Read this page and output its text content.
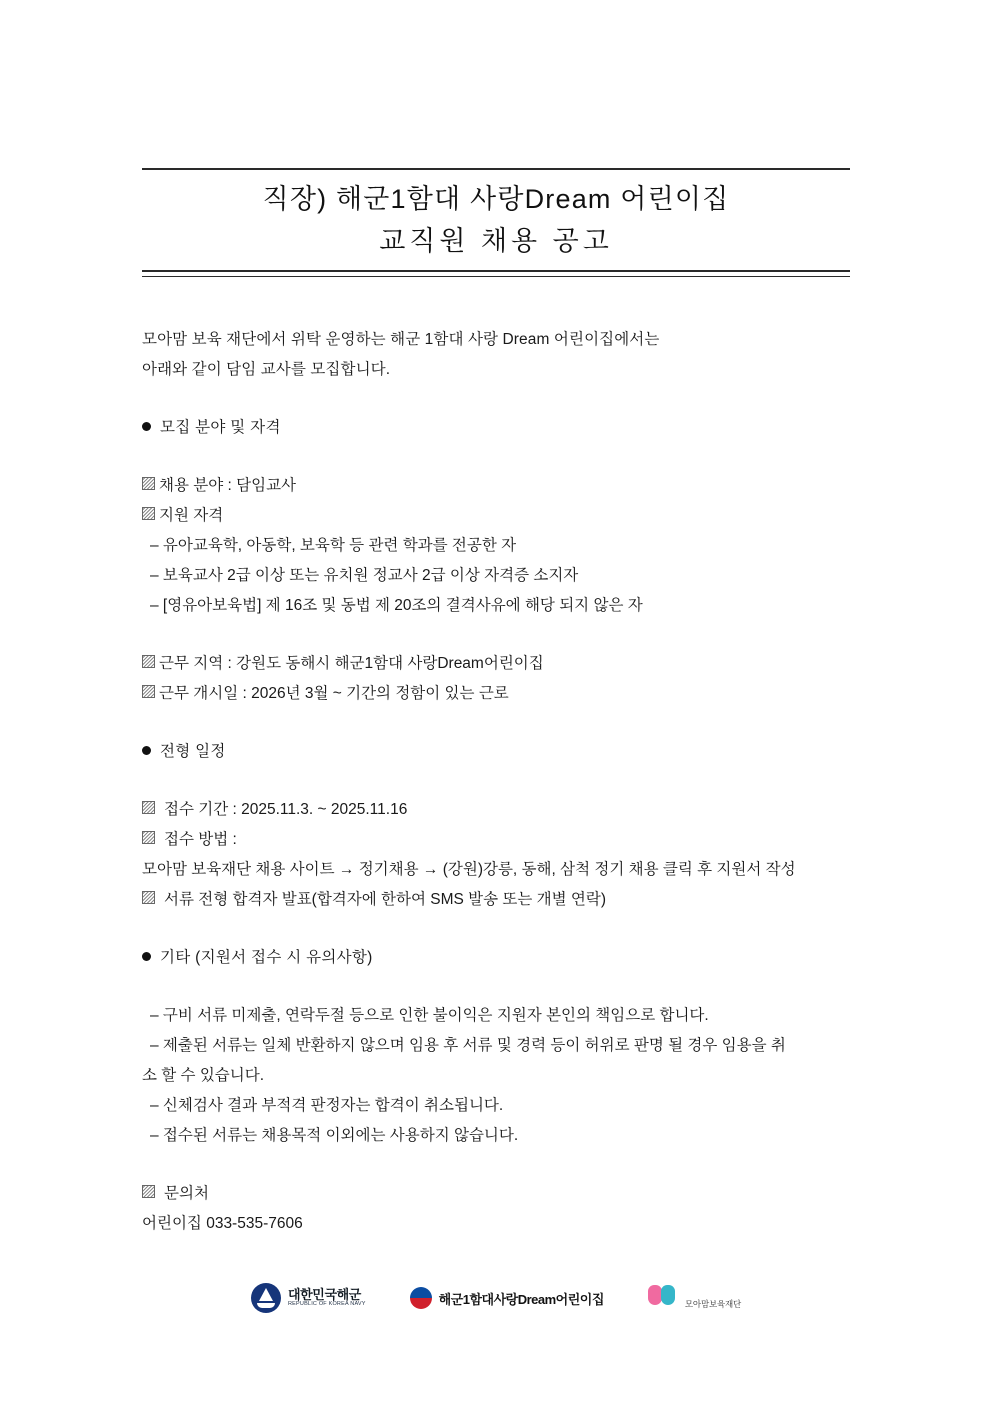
직장) 해군1함대 사랑Dream 어린이집
교직원 채용 공고

모아맘 보육 재단에서 위탁 운영하는 해군 1함대 사랑 Dream 어린이집에서는

아래와 같이 담임 교사를 모집합니다.

모집 분야 및 자격

채용 분야 : 담임교사

지원 자격

– 유아교육학, 아동학, 보육학 등 관련 학과를 전공한 자

– 보육교사 2급 이상 또는 유치원 정교사 2급 이상 자격증 소지자

– [영유아보육법] 제 16조 및 동법 제 20조의 결격사유에 해당 되지 않은 자

근무 지역 : 강원도 동해시 해군1함대 사랑Dream어린이집

근무 개시일 : 2026년 3월 ~ 기간의 정함이 있는 근로

전형 일정

접수 기간 : 2025.11.3. ~ 2025.11.16

접수 방법 :

모아맘 보육재단 채용 사이트 → 정기채용 → (강원)강릉, 동해, 삼척 정기 채용 클릭 후 지원서 작성

서류 전형 합격자 발표(합격자에 한하여 SMS 발송 또는 개별 연락)

기타 (지원서 접수 시 유의사항)

– 구비 서류 미제출, 연락두절 등으로 인한 불이익은 지원자 본인의 책임으로 합니다.

– 제출된 서류는 일체 반환하지 않으며 임용 후 서류 및 경력 등이 허위로 판명 될 경우 임용을 취

소 할 수 있습니다.

– 신체검사 결과 부적격 판정자는 합격이 취소됩니다.

– 접수된 서류는 채용목적 이외에는 사용하지 않습니다.

문의처

어린이집 033-535-7606

대한민국해군
REPUBLIC OF KOREA NAVY	해군1함대사랑Dream어린이집	모아맘보육재단
